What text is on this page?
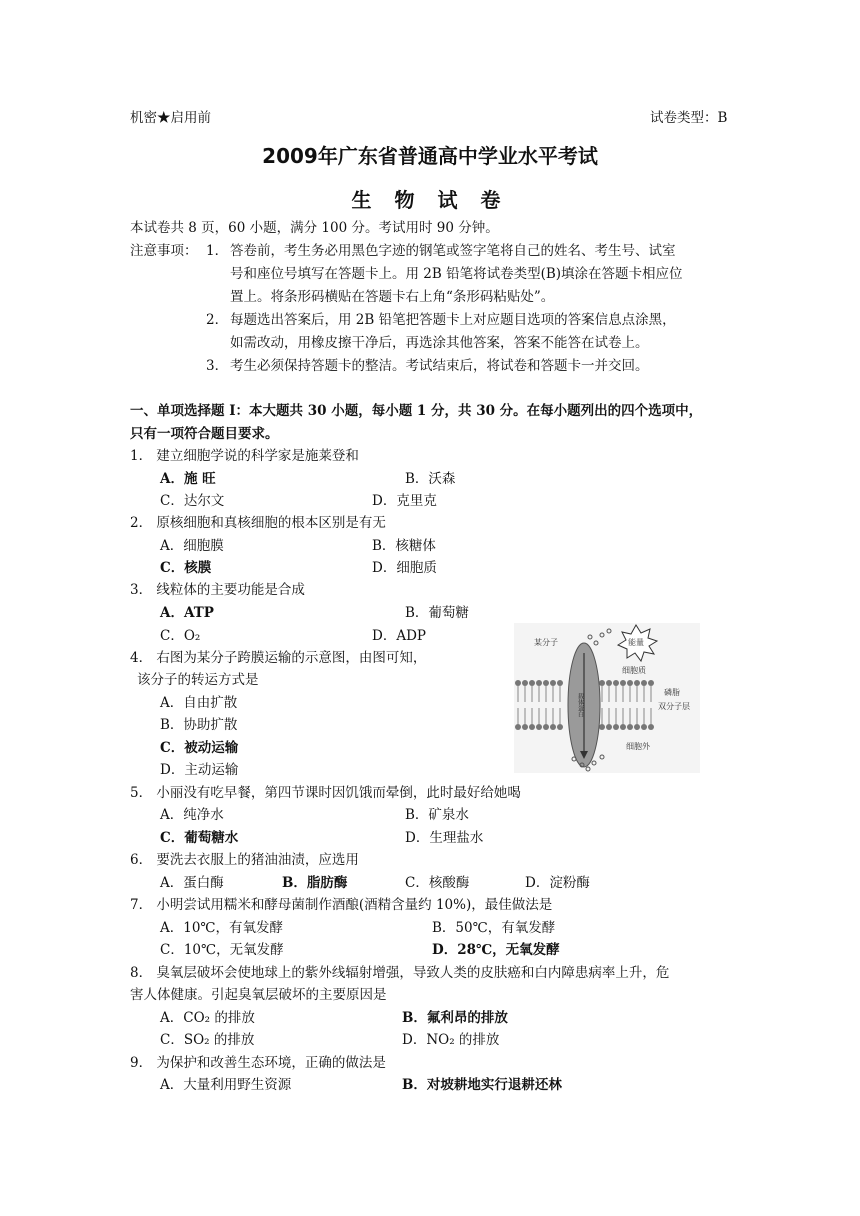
机密★启用前	试卷类型：B
2009年广东省普通高中学业水平考试
生 物 试 卷
本试卷共 8 页，60 小题，满分 100 分。考试用时 90 分钟。
注意事项： 1． 答卷前，考生务必用黑色字迹的钢笔或签字笔将自己的姓名、考生号、试室
号和座位号填写在答题卡上。用 2B 铅笔将试卷类型(B)填涂在答题卡相应位
置上。将条形码横贴在答题卡右上角“条形码粘贴处”。
2． 每题选出答案后，用 2B 铅笔把答题卡上对应题目选项的答案信息点涂黑，
如需改动，用橡皮擦干净后，再选涂其他答案，答案不能答在试卷上。
3． 考生必须保持答题卡的整洁。考试结束后，将试卷和答题卡一并交回。
一、单项选择题 I：本大题共 30 小题，每小题 1 分，共 30 分。在每小题列出的四个选项中，
只有一项符合题目要求。
1． 建立细胞学说的科学家是施莱登和
A．施 旺	B．沃森
C．达尔文	D．克里克
2． 原核细胞和真核细胞的根本区别是有无
A．细胞膜	B．核糖体
C．核膜	D．细胞质
3． 线粒体的主要功能是合成
A．ATP	B．葡萄糖
C．O₂	D．ADP
4． 右图为某分子跨膜运输的示意图，由图可知，
该分子的转运方式是
A．自由扩散
B．协助扩散
C．被动运输
D．主动运输
某分子	能量
细胞质
磷脂
双分子层
细胞外
载体蛋白
5． 小丽没有吃早餐，第四节课时因饥饿而晕倒，此时最好给她喝
A．纯净水	B．矿泉水
C．葡萄糖水	D．生理盐水
6． 要洗去衣服上的猪油油渍，应选用
A．蛋白酶	B．脂肪酶	C．核酸酶	D．淀粉酶
7． 小明尝试用糯米和酵母菌制作酒酿(酒精含量约 10%)，最佳做法是
A．10℃，有氧发酵	B．50℃，有氧发酵
C．10℃，无氧发酵	D．28℃，无氧发酵
8． 臭氧层破坏会使地球上的紫外线辐射增强，导致人类的皮肤癌和白内障患病率上升，危
害人体健康。引起臭氧层破坏的主要原因是
A．CO₂ 的排放	B．氟利昂的排放
C．SO₂ 的排放	D．NO₂ 的排放
9． 为保护和改善生态环境，正确的做法是
A．大量利用野生资源	B．对坡耕地实行退耕还林
